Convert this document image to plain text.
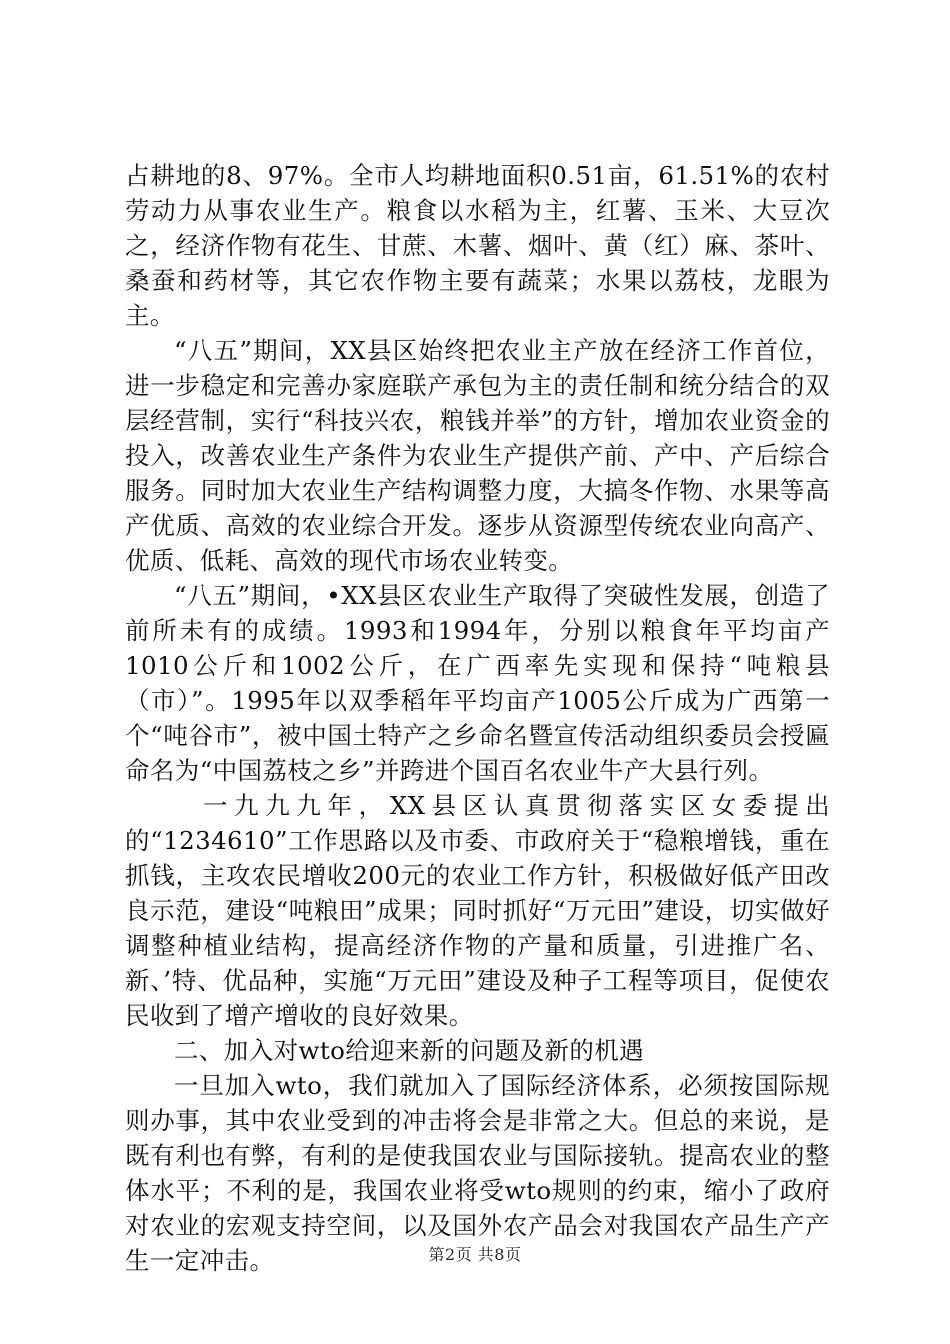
占耕地的8、97%。全市人均耕地面积0.51亩，61.51%的农村劳动力从事农业生产。粮食以水稻为主，红薯、玉米、大豆次之，经济作物有花生、甘蔗、木薯、烟叶、黄（红）麻、茶叶、桑蚕和药材等，其它农作物主要有蔬菜；水果以荔枝，龙眼为主。

“八五”期间，XX县区始终把农业主产放在经济工作首位，进一步稳定和完善办家庭联产承包为主的责任制和统分结合的双层经营制，实行“科技兴农，粮钱并举”的方针，增加农业资金的投入，改善农业生产条件为农业生产提供产前、产中、产后综合服务。同时加大农业生产结构调整力度，大搞冬作物、水果等高产优质、高效的农业综合开发。逐步从资源型传统农业向高产、优质、低耗、高效的现代市场农业转变。

“八五”期间，•XX县区农业生产取得了突破性发展，创造了前所未有的成绩。1993和1994年，分别以粮食年平均亩产1010公斤和1002公斤，在广西率先实现和保持“吨粮县（市）”。1995年以双季稻年平均亩产1005公斤成为广西第一个“吨谷市”，被中国土特产之乡命名暨宣传活动组织委员会授匾命名为“中国荔枝之乡”并跨进个国百名农业牛产大县行列。

一九九九年，XX县区认真贯彻落实区女委提出的“1234610”工作思路以及市委、市政府关于“稳粮增钱，重在抓钱，主攻农民增收200元的农业工作方针，积极做好低产田改良示范，建设“吨粮田”成果；同时抓好“万元田”建设，切实做好调整种植业结构，提高经济作物的产量和质量，引进推广名、新、’特、优品种，实施“万元田”建设及种子工程等项目，促使农民收到了增产增收的良好效果。

二、加入对wto给迎来新的问题及新的机遇

一旦加入wto，我们就加入了国际经济体系，必须按国际规则办事，其中农业受到的冲击将会是非常之大。但总的来说，是既有利也有弊，有利的是使我国农业与国际接轨。提高农业的整体水平；不利的是，我国农业将受wto规则的约束，缩小了政府对农业的宏观支持空间，以及国外农产品会对我国农产品生产产生一定冲击。	第2页 共8页
